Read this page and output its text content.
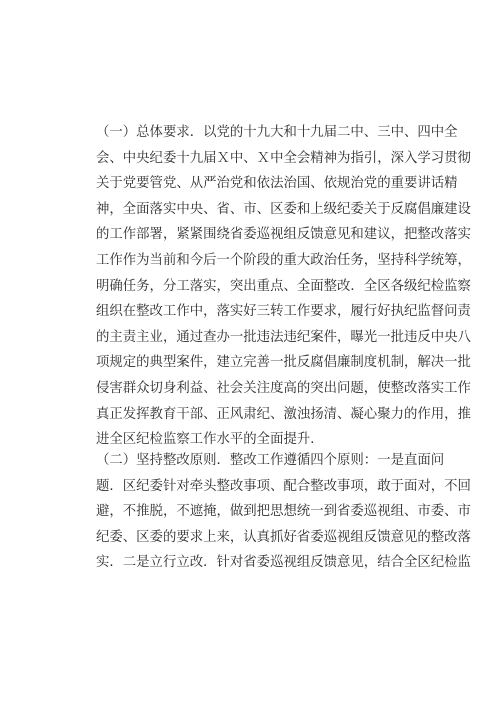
（一）总体要求．以党的十九大和十九届二中、三中、四中全
会、中央纪委十九届Ｘ中、Ｘ中全会精神为指引，深入学习贯彻
关于党要管党、从严治党和依法治国、依规治党的重要讲话精
神，全面落实中央、省、市、区委和上级纪委关于反腐倡廉建设
的工作部署，紧紧围绕省委巡视组反馈意见和建议，把整改落实
工作作为当前和今后一个阶段的重大政治任务，坚持科学统筹，
明确任务，分工落实，突出重点、全面整改．全区各级纪检监察
组织在整改工作中，落实好三转工作要求，履行好执纪监督问责
的主责主业，通过查办一批违法违纪案件，曝光一批违反中央八
项规定的典型案件，建立完善一批反腐倡廉制度机制，解决一批
侵害群众切身利益、社会关注度高的突出问题，使整改落实工作
真正发挥教育干部、正风肃纪、激浊扬清、凝心聚力的作用，推
进全区纪检监察工作水平的全面提升．
（二）坚持整改原则．整改工作遵循四个原则：一是直面问
题．区纪委针对牵头整改事项、配合整改事项，敢于面对，不回
避，不推脱，不遮掩，做到把思想统一到省委巡视组、市委、市
纪委、区委的要求上来，认真抓好省委巡视组反馈意见的整改落
实．二是立行立改．针对省委巡视组反馈意见，结合全区纪检监
